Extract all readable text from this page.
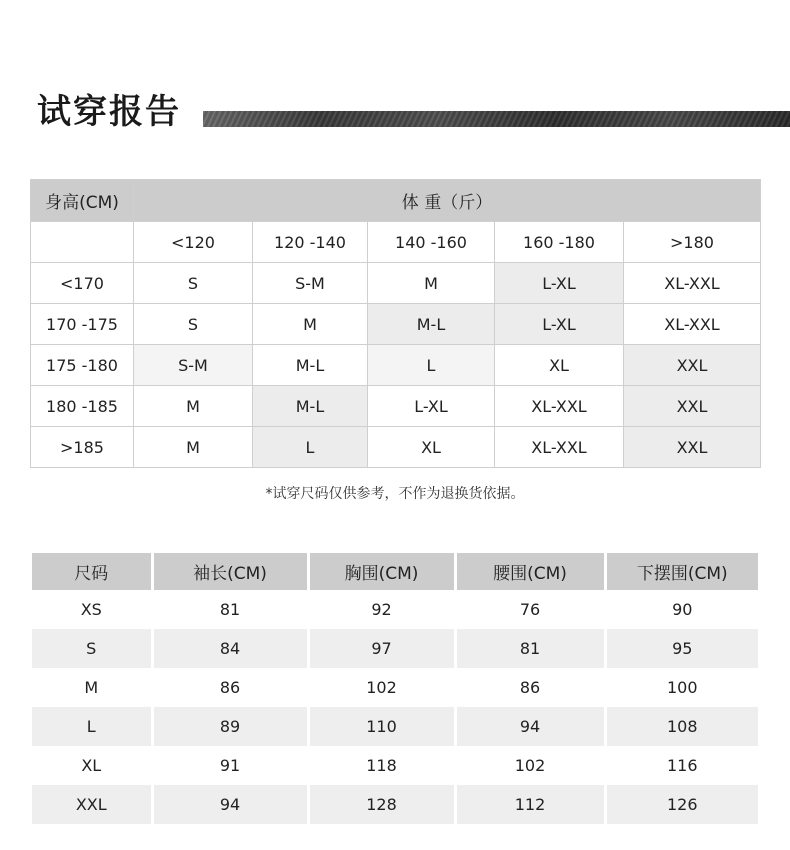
试穿报告
身高(CM)	体 重（斤）				
	<120	120 -140	140 -160	160 -180	>180
<170	S	S-M	M	L-XL	XL-XXL
170 -175	S	M	M-L	L-XL	XL-XXL
175 -180	S-M	M-L	L	XL	XXL
180 -185	M	M-L	L-XL	XL-XXL	XXL
>185	M	L	XL	XL-XXL	XXL
*试穿尺码仅供参考，不作为退换货依据。
尺码	袖长(CM)	胸围(CM)	腰围(CM)	下摆围(CM)
XS	81	92	76	90
S	84	97	81	95
M	86	102	86	100
L	89	110	94	108
XL	91	118	102	116
XXL	94	128	112	126
